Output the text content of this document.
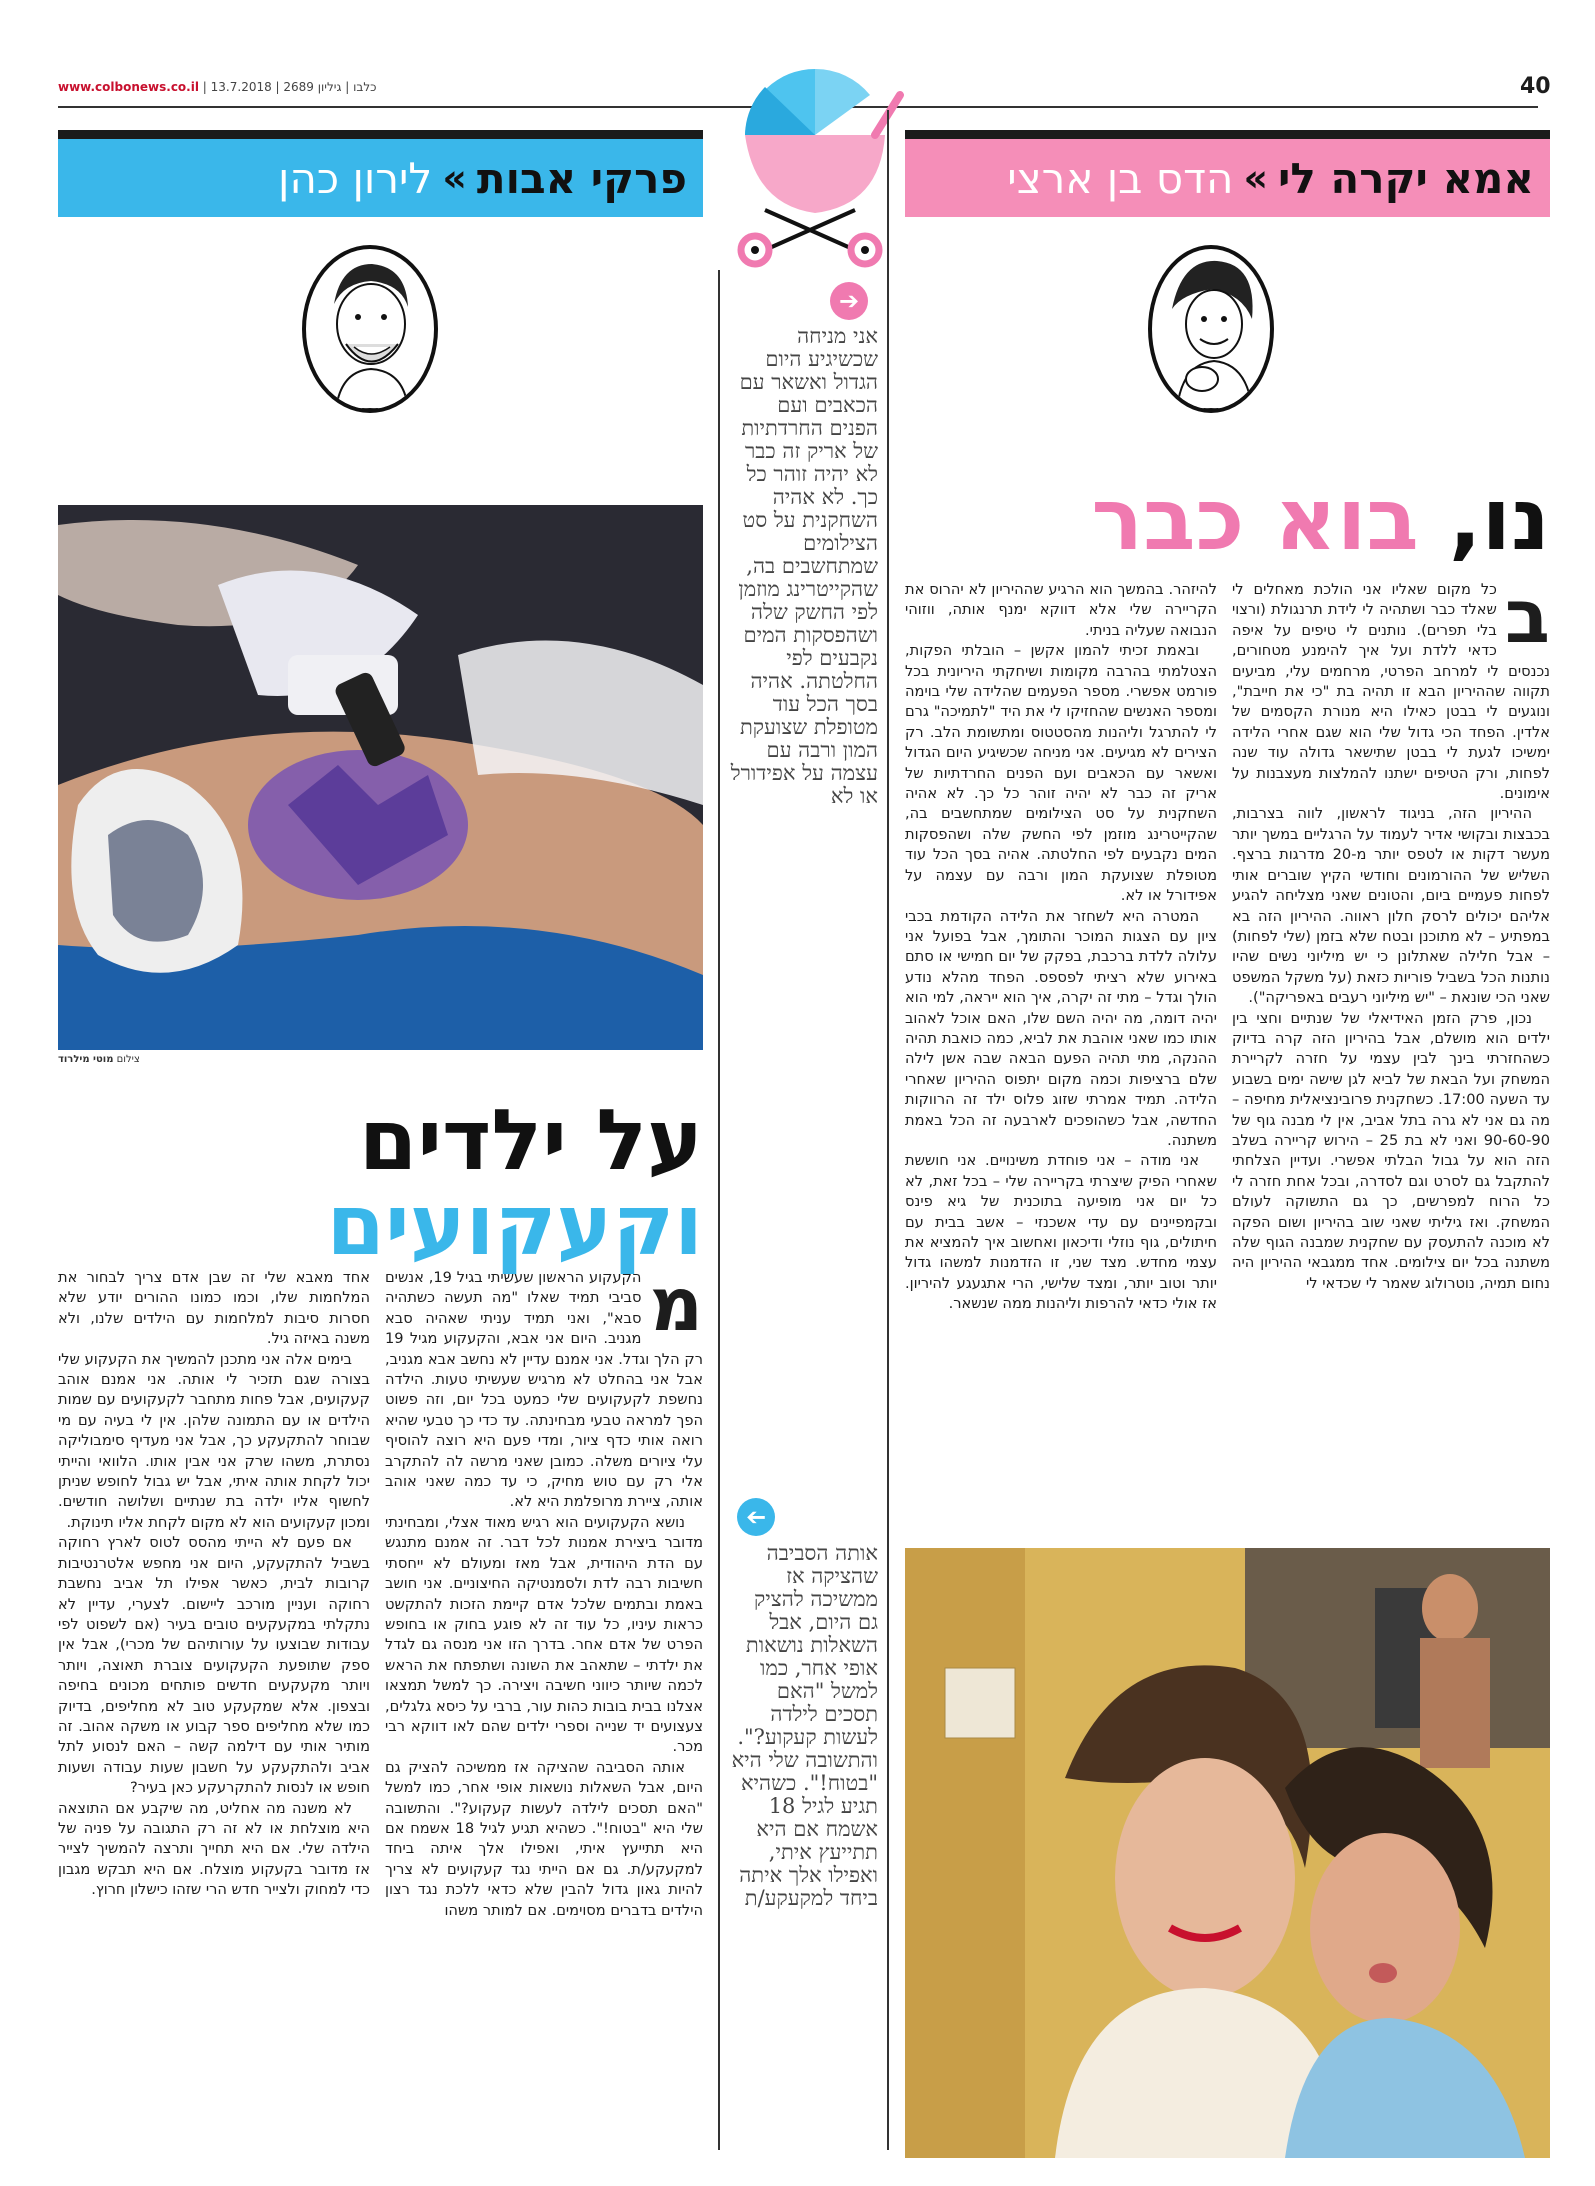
www.colbonews.co.il | כלבו | גיליון 2689 | 13.7.2018	40
אמא יקרה לי
»
הדס בן ארצי
פרקי אבות
»
לירון כהן
נו, בוא כבר
ב

כל מקום שאליו אני הולכת מאחלים לי שאלד כבר ושתהיה לי לידת תרנגולת (ורצוי בלי תפרים). נותנים לי טיפים על איפה כדאי ללדת ועל איך להימנע מטחורים, נכנסים לי למרחב הפרטי, מרחמים עלי, מביעים תקווה שההיריון הבא זו תהיה בת "כי את חייבת", ונוגעים לי בבטן כאילו היא מנורת הקסמים של אלדין. הפחד הכי גדול שלי הוא שגם אחרי הלידה ימשיכו לגעת לי בבטן שתישאר גדולה עוד שנה לפחות, ורק הטיפים ישתנו להמלצות מעצבנות על אימונים.

ההיריון הזה, בניגוד לראשון, לווה בצרבות, בכבצות ובקושי אדיר לעמוד על הרגליים במשך יותר מעשר דקות או לטפס יותר מ-20 מדרגות ברצף. השליש של ההורמונים וחודשי הקיץ שוברים אותי לפחות פעמיים ביום, והטונים שאני מצליחה להגיע אליהם יכולים לרסק חלון ראווה. ההיריון הזה בא במפתיע – לא מתוכנן ובטח שלא בזמן (שלי לפחות) – אבל חלילה שאתלונן כי יש מיליוני נשים שהיו נותנות הכל בשביל פוריות כזאת (על משקל המשפט שאני הכי שונאת – "יש מיליוני רעבים באפריקה").

נכון, פרק הזמן האידיאלי של שנתיים וחצי בין ילדים הוא מושלם, אבל בהיריון הזה קרה בדיוק כשהחזרתי בינך לבין עצמי על חזרה לקריירת המשחק ועל הבאת של לביא לגן שישה ימים בשבוע עד השעה 17:00. כשחקנית פרובינציאלית מחיפה – מה גם אני לא גרה בתל אביב, אין לי מבנה גוף של 90-60-90 ואני לא בת 25 – הירוש קריירה בשלב הזה הוא על גבול הבלתי אפשרי. ועדיין הצלחתי להתקבל גם לסרט וגם לסדרה, ובכל אחת חזרה לי כל הרוח למפרשים, כך גם התשוקה לעולם המשחק. ואז גיליתי שאני שוב בהיריון ושום הפקה לא מוכנה להתעסק עם שחקנית שמבנה הגוף שלה משתנה בכל יום צילומים. אחד ממגבאי ההיריון היה נחום תמיה, נוטרולוג שאמר לי שכדאי לי

להיזהר. בהמשך הוא הרגיע שההיריון לא יהרוס את הקריירה שלי אלא דווקא ימנף אותה, ווזוהי הנבואה שעליה בניתי.

ובאמת זכיתי להמון אקשן – הובלתי הפקות, הצטלמתי בהרבה מקומות ושיחקתי היריונית בכל פורמט אפשרי. מספר הפעמים שהלידה שלי בוימה ומספר האנשים שהחזיקו לי את היד "לתמיכה" גרם לי להתרגל וליהנות מהסטטוס ומתשומת הלב. רק הצירים לא מגיעים. אני מניחה שכשיגיע היום הגדול ואשאר עם הכאבים ועם הפנים החרדתיות של אריק זה כבר לא יהיה זוהר כל כך. לא אהיה השחקנית על סט הצילומים שמתחשבים בה, שהקייטרינג מוזמן לפי החשק שלה ושהפסקות המים נקבעים לפי החלטתה. אהיה בסך הכל עוד מטופלת שצועקת המון ורבה עם עצמה על אפידורל או לא.

המטרה היא לשחזר את הלידה הקודמת בכבי ציון עם הצגות המוכר והתומך, אבל בפועל אני עלולה ללדת ברכבת, בפקק של יום חמישי או סתם באירוע שלא רציתי לפספס. הפחד מהלא נודע הולך וגדל – מתי זה יקרה, איך הוא ייראה, למי הוא יהיה דומה, מה יהיה השם שלו, האם אוכל לאהוב אותו כמו שאני אוהבת את לביא, כמה כואבת תהיה ההנקה, מתי תהיה הפעם הבאה שבה אשן לילה שלם ברציפות וכמה מקום יתפוס ההיריון שאחרי הלידה. תמיד אמרתי שזוג פלוס ילד זה הרווקות החדשה, אבל כשהופכים לארבעה זה הכל באמת משתנה.

אני מודה – אני פוחדת משינויים. אני חוששת שאחרי הפיק שיצרתי בקריירה שלי – בכל זאת, לא כל יום אני מופיעה בתוכנית של גיא פינס ובקמפיינים עם עדי אשכנזי – אשב בבית עם חיתולים, גוף נוזלי ודיכאון ואחשוב איך להמציא את עצמי מחדש. מצד שני, זו הזדמנות למשהו גדול יותר וטוב יותר, ומצד שלישי, הרי אתגעגע להיריון. אז אולי כדאי להרפות וליהנות ממה שנשאר.

צילום מוטי מילרוד
על ילדים
וקעקועים
מ

הקעקוע הראשון שעשיתי בגיל 19, אנשים סביבי תמיד שאלו "מה תעשה כשתהיה סבא", ואני תמיד עניתי שאהיה סבא מגניב. היום אני אבא, והקעקוע מגיל 19 רק הלך וגדל. אני אמנם עדיין לא נחשב אבא מגניב, אבל אני בהחלט לא מרגיש שעשיתי טעות. הילדה נחשפת לקעקועים שלי כמעט בכל יום, וזה פשוט הפך למראה טבעי מבחינתה. עד כדי כך טבעי שהיא רואה אותי כדף ציור, ומדי פעם היא רוצה להוסיף עלי ציורים משלה. כמובן שאני מרשה לה להתקרב אלי רק עם טוש מחיק, כי עד כמה שאני אוהב אותה, ציירת מרופלמת היא לא.

נושא הקעקועים הוא רגיש מאוד אצלי, ומבחינתי מדובר ביצירת אמנות לכל דבר. זה אמנם מתנגש עם הדת היהודית, אבל מאז ומעולם לא ייחסתי חשיבות רבה לדת ולסמנטיקה החיצוניים. אני חושב באמת ובתמים שלכל אדם קיימת הזכות להתקשט כראות עיניו, כל עוד זה לא פוגע בחוק או בחופש הפרט של אדם אחר. בדרך הזו אני מנסה גם לגדל את ילדתי – שתאהב את השונה ושתפתח את הראש לכמה שיותר כיווני חשיבה ויצירה. כך למשל תמצאו אצלנו בבית בובות כהות עור, ברבי על כיסא גלגלים, צעצועים יד שנייה וספרי ילדים שהם לאו דווקא רבי מכר.

אותה הסביבה שהציקה אז ממשיכה להציק גם היום, אבל השאלות נושאות אופי אחר, כמו למשל "האם תסכים לילדה לעשות קעקוע?". והתשובה שלי היא "בטוח!". כשהיא תגיע לגיל 18 אשמח אם היא תתייעץ איתי, ואפילו אלך איתה ביחד למקעקע/ת. גם אם הייתי נגד קעקועים לא צריך להיות גאון גדול להבין שלא כדאי ללכת נגד רצון הילדים בדברים מסוימים. אם למותר משהו

אחד מאבא שלי זה שבן אדם צריך לבחור את המלחמות שלו, וכמו כמונו ההורים יודע שלא חסרות סיבות למלחמות עם הילדים שלנו, ולא משנה באיזה גיל.

בימים אלה אני מתכנן להמשיך את הקעקוע שלי בצורה שגם תזכיר לי אותה. אני אמנם אוהב קעקועים, אבל פחות מתחבר לקעקועים עם שמות הילדים או עם התמונה שלהן. אין לי בעיה עם מי שבוחר להתקעקע כך, אבל אני מעדיף סימבוליקה נסתרת, משהו שרק אני אבין אותו. הלוואי והייתי יכול לקחת אותה איתי, אבל יש גבול לחופש שניתן לחשוף אליו ילדה בת שנתיים ושלושה חודשים. ומכון קעקועים הוא לא מקום לקחת אליו תינוקת.

אם פעם לא הייתי מהסס לטוס לארץ רחוקה בשביל להתקעקע, היום אני מחפש אלטרנטיבות קרובות לבית, כאשר אפילו תל אביב נחשבת רחוקה ועניין מורכב ליישום. לצערי, עדיין לא נתקלתי במקעקעים טובים בעיר (אם לשפוט לפי עבודות שבוצעו על עורותיהם של מכרי), אבל אין ספק שתופעת הקעקועים צוברת תאוצה, ויותר ויותר מקעקעים חדשים פותחים מכונים בחיפה ובצפון. אלא שמקעקע טוב לא מחליפים, בדיוק כמו שלא מחליפים ספר קבוע או משקה אהוב. זה מותיר אותי עם דילמה קשה – האם לנסוע לתל אביב ולהתקעקע על חשבון שעות עבודה ושעות חופש או לנסות להתקרעקע כאן בעיר?

לא משנה מה אחליט, מה שיקבע אם התוצאה היא מוצלחת או לא זה רק התגובה על פניה של הילדה שלי. אם היא תחייך ותרצה להמשיך לצייר אז מדובר בקעקוע מוצלח. אם היא תבקש מגבון כדי למחוק ולצייר חדש הרי שזהו כישלון חרוץ.

➔
אני מניחה שכשיגיע היום הגדול ואשאר עם הכאבים ועם הפנים החרדתיות של אריק זה כבר לא יהיה זוהר כל כך. לא אהיה השחקנית על סט הצילומים שמתחשבים בה, שהקייטרינג מוזמן לפי החשק שלה ושהפסקות המים נקבעים לפי החלטתה. אהיה בסך הכל עוד מטופלת שצועקת המון ורבה עם עצמה על אפידורל או לא
➔
אותה הסביבה שהציקה אז ממשיכה להציק גם היום, אבל השאלות נושאות אופי אחר, כמו למשל "האם תסכים לילדה לעשות קעקוע?". והתשובה שלי היא "בטוח!". כשהיא תגיע לגיל 18 אשמח אם היא תתייעץ איתי, ואפילו אלך איתה ביחד למקעקע/ת
